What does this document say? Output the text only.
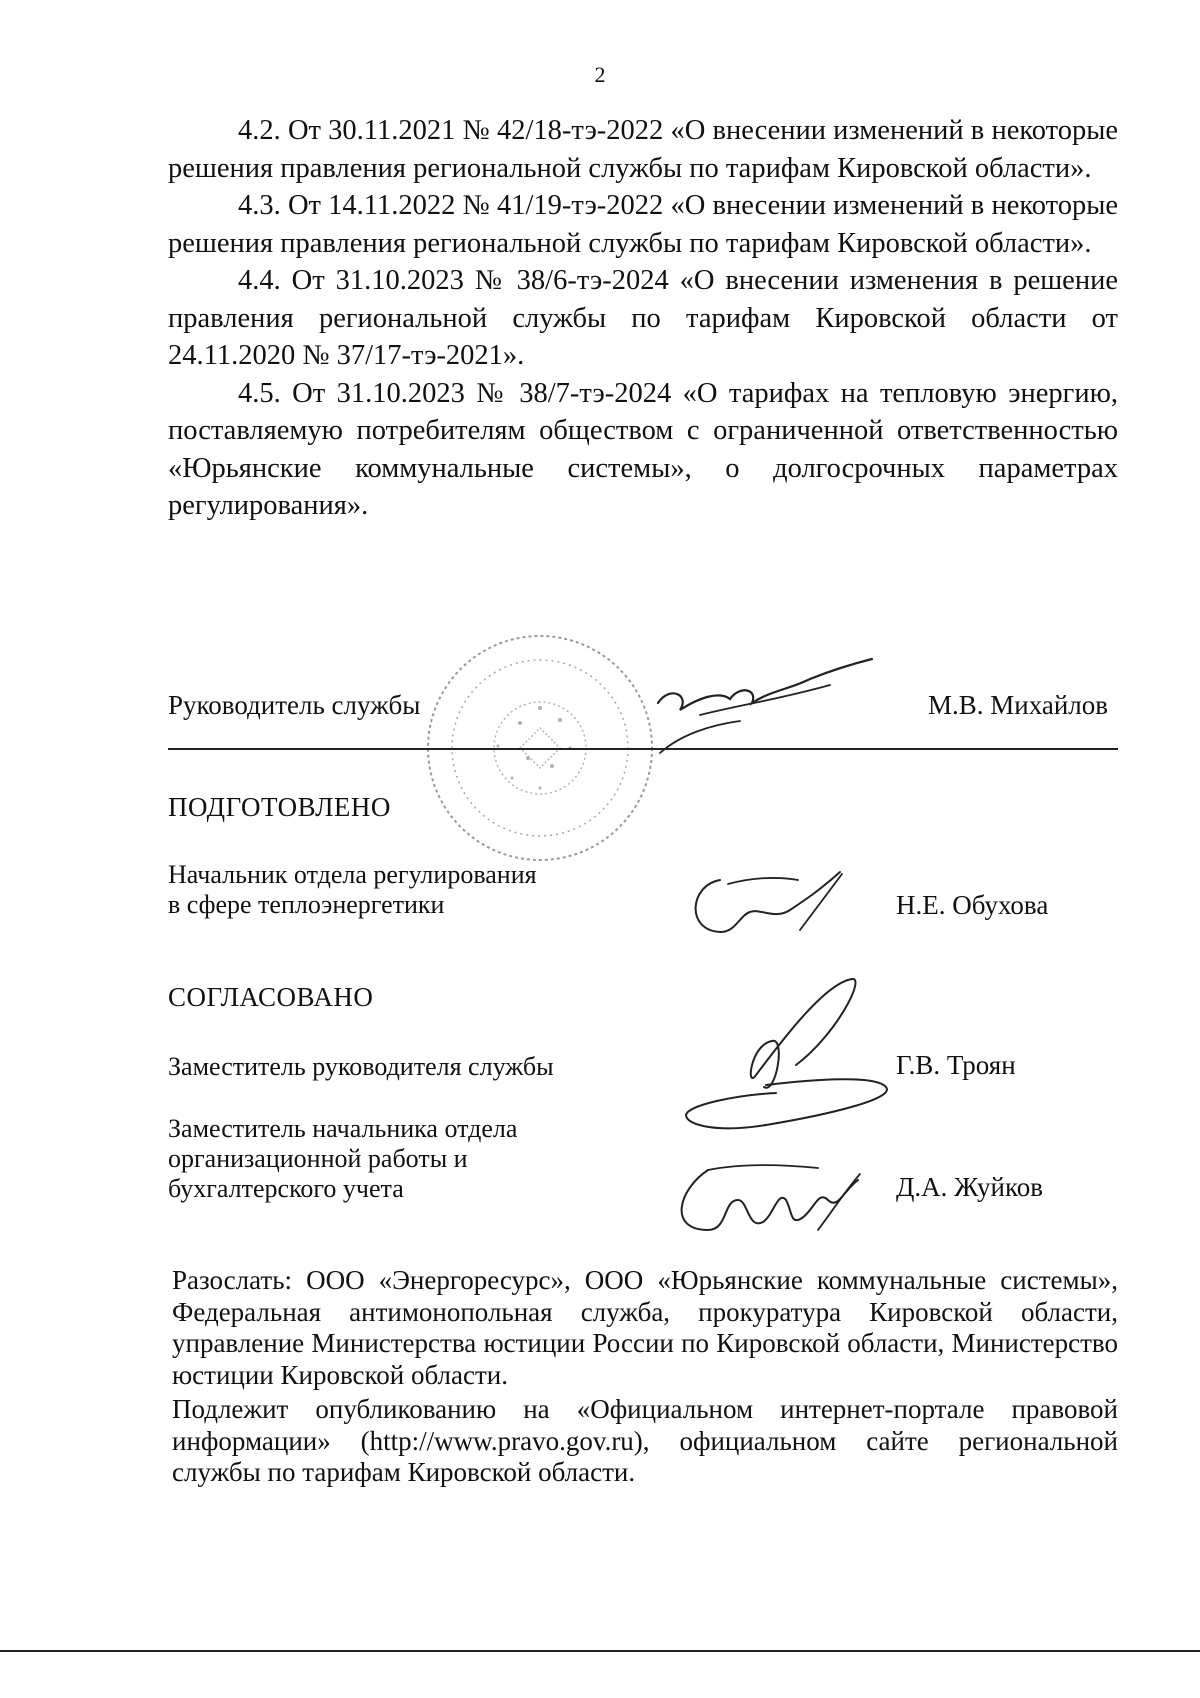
2

4.2. От 30.11.2021 № 42/18-тэ-2022 «О внесении изменений в некоторые решения правления региональной службы по тарифам Кировской области».

4.3. От 14.11.2022 № 41/19-тэ-2022 «О внесении изменений в некоторые решения правления региональной службы по тарифам Кировской области».

4.4. От 31.10.2023 № 38/6-тэ-2024 «О внесении изменения в решение правления региональной службы по тарифам Кировской области от 24.11.2020 № 37/17-тэ-2021».

4.5. От 31.10.2023 № 38/7-тэ-2024 «О тарифах на тепловую энергию, поставляемую потребителям обществом с ограниченной ответственностью «Юрьянские коммунальные системы», о долгосрочных параметрах регулирования».

Руководитель службы	М.В. Михайлов
ПОДГОТОВЛЕНО
Начальник отдела регулирования
в сфере теплоэнергетики	Н.Е. Обухова
СОГЛАСОВАНО
Заместитель руководителя службы	Г.В. Троян
Заместитель начальника отдела
организационной работы и
бухгалтерского учета	Д.А. Жуйков

Разослать: ООО «Энергоресурс», ООО «Юрьянские коммунальные системы», Федеральная антимонопольная служба, прокуратура Кировской области, управление Министерства юстиции России по Кировской области, Министерство юстиции Кировской области.

Подлежит опубликованию на «Официальном интернет-портале правовой информации» (http://www.pravo.gov.ru), официальном сайте региональной службы по тарифам Кировской области.
